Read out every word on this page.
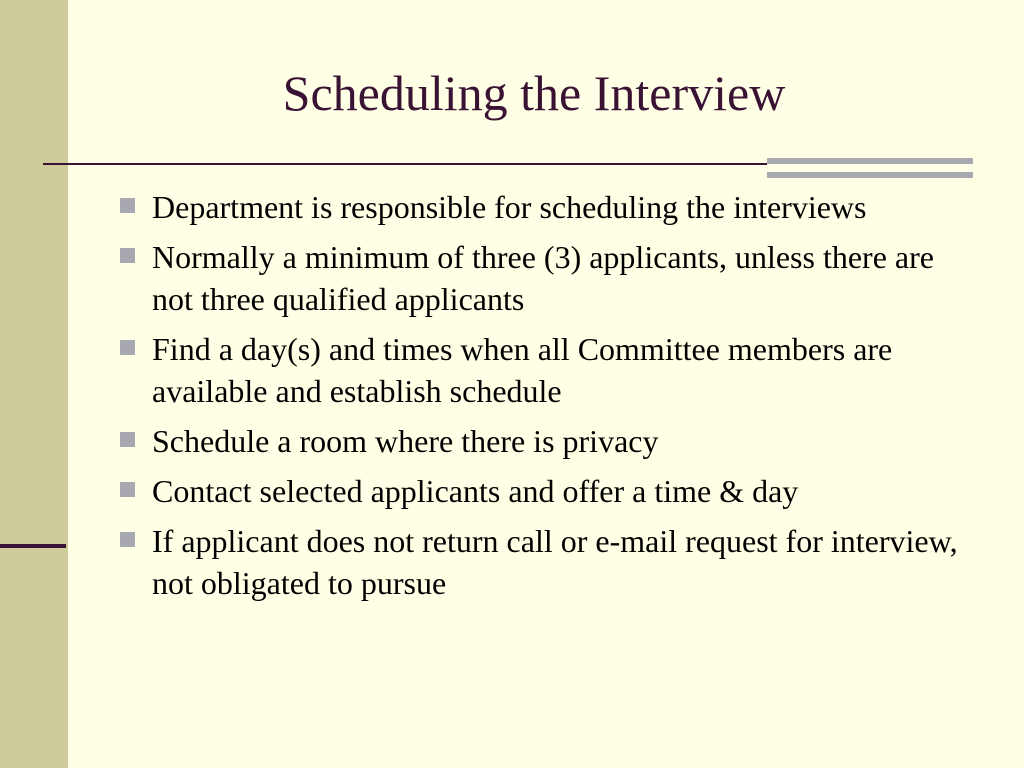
Scheduling the Interview
Department is responsible for scheduling the interviews
Normally a minimum of three (3) applicants, unless there are not three qualified applicants
Find a day(s) and times when all Committee members are available and establish schedule
Schedule a room where there is privacy
Contact selected applicants and offer a time & day
If applicant does not return call or e-mail request for interview, not obligated to pursue
